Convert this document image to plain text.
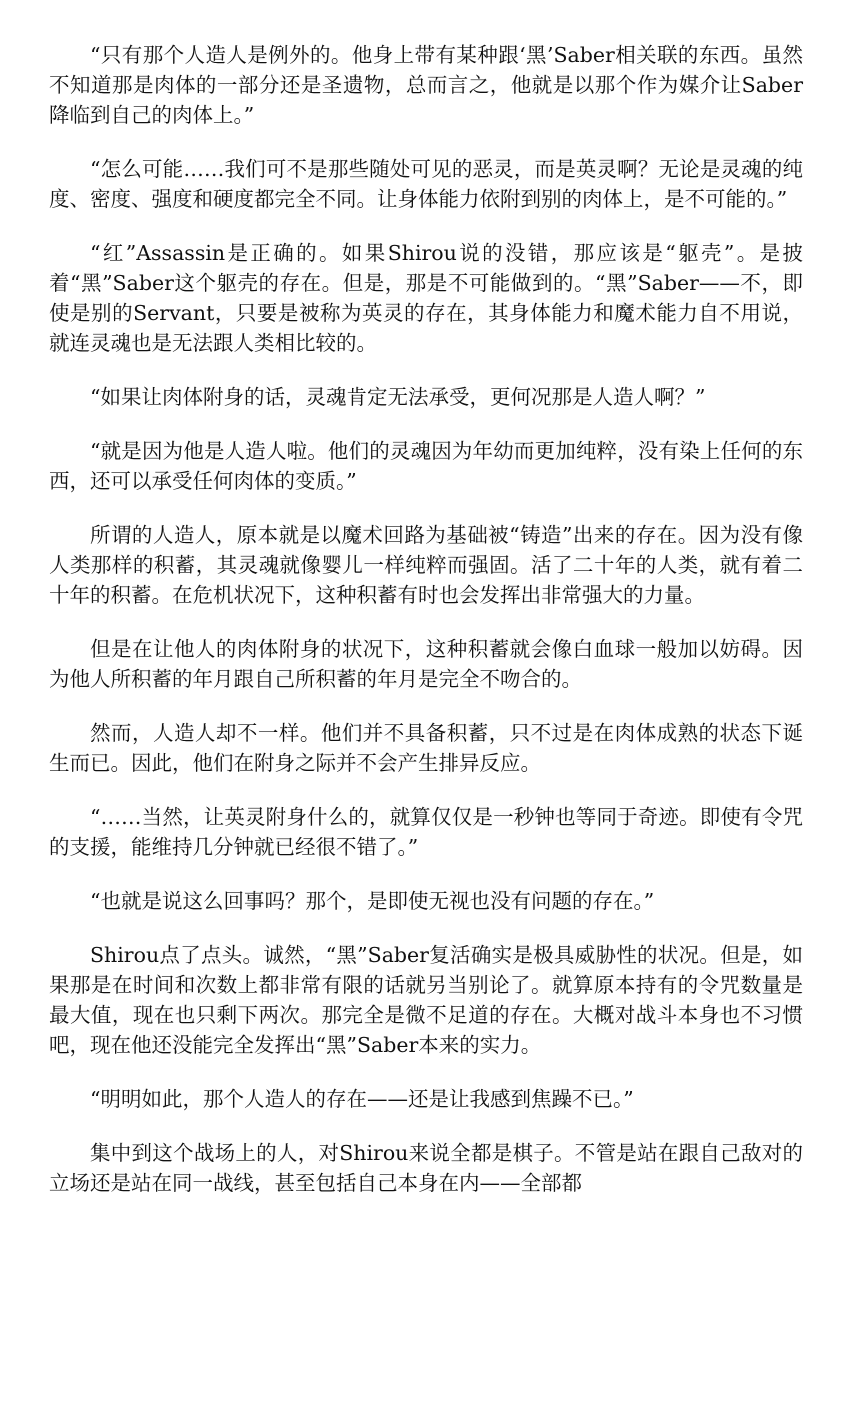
“只有那个人造人是例外的。他身上带有某种跟‘黑’Saber相关联的东西。虽然不知道那是肉体的一部分还是圣遗物，总而言之，他就是以那个作为媒介让Saber降临到自己的肉体上。”

“怎么可能……我们可不是那些随处可见的恶灵，而是英灵啊？无论是灵魂的纯度、密度、强度和硬度都完全不同。让身体能力依附到别的肉体上，是不可能的。”

“红”Assassin是正确的。如果Shirou说的没错，那应该是“躯壳”。是披着“黑”Saber这个躯壳的存在。但是，那是不可能做到的。“黑”Saber——不，即使是别的Servant，只要是被称为英灵的存在，其身体能力和魔术能力自不用说，就连灵魂也是无法跟人类相比较的。

“如果让肉体附身的话，灵魂肯定无法承受，更何况那是人造人啊？”

“就是因为他是人造人啦。他们的灵魂因为年幼而更加纯粹，没有染上任何的东西，还可以承受任何肉体的变质。”

所谓的人造人，原本就是以魔术回路为基础被“铸造”出来的存在。因为没有像人类那样的积蓄，其灵魂就像婴儿一样纯粹而强固。活了二十年的人类，就有着二十年的积蓄。在危机状况下，这种积蓄有时也会发挥出非常强大的力量。

但是在让他人的肉体附身的状况下，这种积蓄就会像白血球一般加以妨碍。因为他人所积蓄的年月跟自己所积蓄的年月是完全不吻合的。

然而，人造人却不一样。他们并不具备积蓄，只不过是在肉体成熟的状态下诞生而已。因此，他们在附身之际并不会产生排异反应。

“……当然，让英灵附身什么的，就算仅仅是一秒钟也等同于奇迹。即使有令咒的支援，能维持几分钟就已经很不错了。”

“也就是说这么回事吗？那个，是即使无视也没有问题的存在。”

Shirou点了点头。诚然，“黑”Saber复活确实是极具威胁性的状况。但是，如果那是在时间和次数上都非常有限的话就另当别论了。就算原本持有的令咒数量是最大值，现在也只剩下两次。那完全是微不足道的存在。大概对战斗本身也不习惯吧，现在他还没能完全发挥出“黑”Saber本来的实力。

“明明如此，那个人造人的存在——还是让我感到焦躁不已。”

集中到这个战场上的人，对Shirou来说全都是棋子。不管是站在跟自己敌对的立场还是站在同一战线，甚至包括自己本身在内——全部都
